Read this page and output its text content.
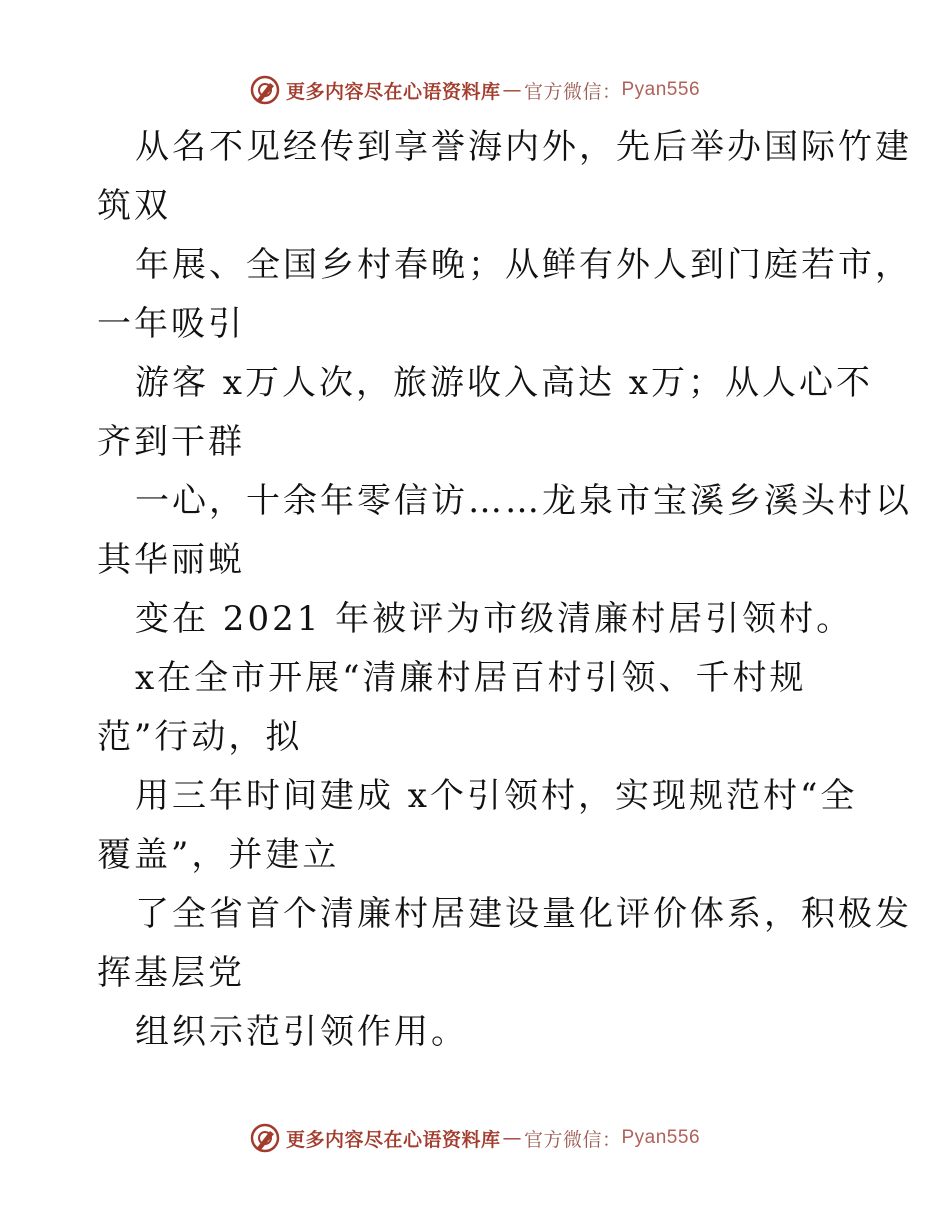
更多内容尽在心语资料库 — 官方微信： Pyan556
从名不见经传到享誉海内外，先后举办国际竹建
筑双
年展、全国乡村春晚；从鲜有外人到门庭若市，
一年吸引
游客 x万人次，旅游收入高达 x万；从人心不
齐到干群
一心，十余年零信访……龙泉市宝溪乡溪头村以
其华丽蜕
变在 2021 年被评为市级清廉村居引领村。
x在全市开展“清廉村居百村引领、千村规
范”行动，拟
用三年时间建成 x个引领村，实现规范村“全
覆盖”，并建立
了全省首个清廉村居建设量化评价体系，积极发
挥基层党
组织示范引领作用。
更多内容尽在心语资料库 — 官方微信： Pyan556
